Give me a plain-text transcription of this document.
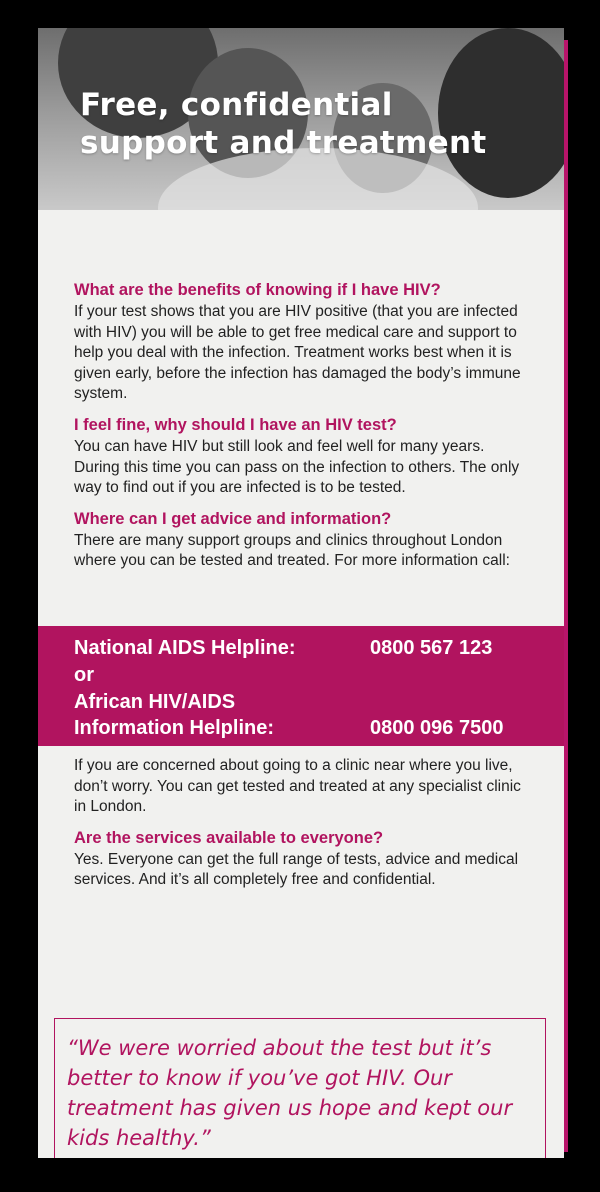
Free, confidential
support and treatment

What are the benefits of knowing if I have HIV?

If your test shows that you are HIV positive (that you are infected with HIV) you will be able to get free medical care and support to help you deal with the infection. Treatment works best when it is given early, before the infection has damaged the body’s immune system.

I feel fine, why should I have an HIV test?

You can have HIV but still look and feel well for many years. During this time you can pass on the infection to others. The only way to find out if you are infected is to be tested.

Where can I get advice and information?

There are many support groups and clinics throughout London where you can be tested and treated. For more information call:

National AIDS Helpline:	0800 567 123
or
African HIV/AIDS
Information Helpline:	0800 096 7500

If you are concerned about going to a clinic near where you live, don’t worry. You can get tested and treated at any specialist clinic in London.

Are the services available to everyone?

Yes. Everyone can get the full range of tests, advice and medical services. And it’s all completely free and confidential.

“We were worried about the test but it’s better to know if you’ve got HIV. Our treatment has given us hope and kept our kids healthy.”
